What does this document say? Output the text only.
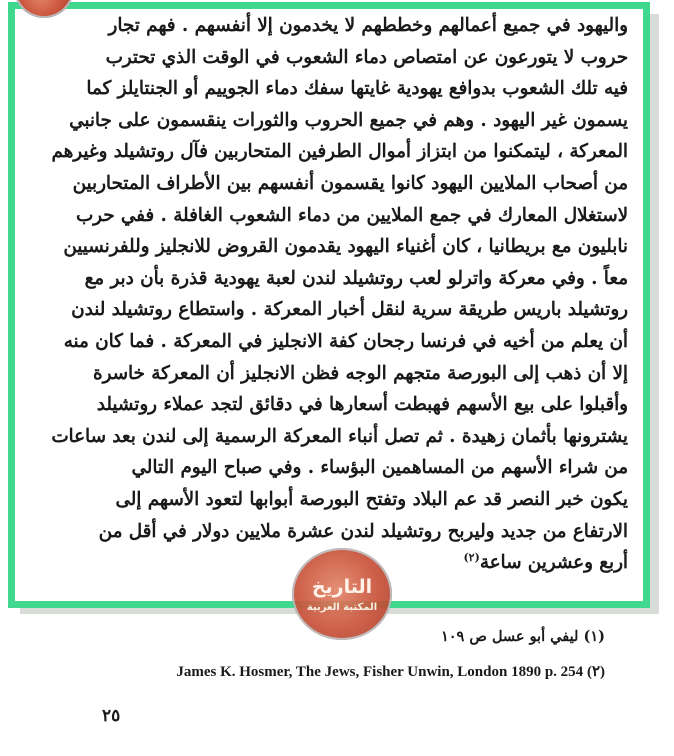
واليهود في جميع أعمالهم وخططهم لا يخدمون إلا أنفسهم . فهم تجار
حروب لا يتورعون عن امتصاص دماء الشعوب في الوقت الذي تحترب
فيه تلك الشعوب بدوافع يهودية غايتها سفك دماء الجوييم أو الجنتايلز كما
يسمون غير اليهود . وهم في جميع الحروب والثورات ينقسمون على جانبي
المعركة ، ليتمكنوا من ابتزاز أموال الطرفين المتحاربين فآل روتشيلد وغيرهم
من أصحاب الملايين اليهود كانوا يقسمون أنفسهم بين الأطراف المتحاربين
لاستغلال المعارك في جمع الملايين من دماء الشعوب الغافلة . ففي حرب
نابليون مع بريطانيا ، كان أغنياء اليهود يقدمون القروض للانجليز وللفرنسيين
معاً . وفي معركة واترلو لعب روتشيلد لندن لعبة يهودية قذرة بأن دبر مع
روتشيلد باريس طريقة سرية لنقل أخبار المعركة . واستطاع روتشيلد لندن
أن يعلم من أخيه في فرنسا رجحان كفة الانجليز في المعركة . فما كان منه
إلا أن ذهب إلى البورصة متجهم الوجه فظن الانجليز أن المعركة خاسرة
وأقبلوا على بيع الأسهم فهبطت أسعارها في دقائق لتجد عملاء روتشيلد
يشترونها بأثمان زهيدة . ثم تصل أنباء المعركة الرسمية إلى لندن بعد ساعات
من شراء الأسهم من المساهمين البؤساء . وفي صباح اليوم التالي
يكون خبر النصر قد عم البلاد وتفتح البورصة أبوابها لتعود الأسهم إلى
الارتفاع من جديد وليربح روتشيلد لندن عشرة ملايين دولار في أقل من
أربع وعشرين ساعة$^{(٢)}$
التاريخ
المكتبة العربية
(١) ليفي أبو عسل ص ١٠٩
James K. Hosmer, The Jews, Fisher Unwin, London 1890 p. 254 (٢)
٢٥
